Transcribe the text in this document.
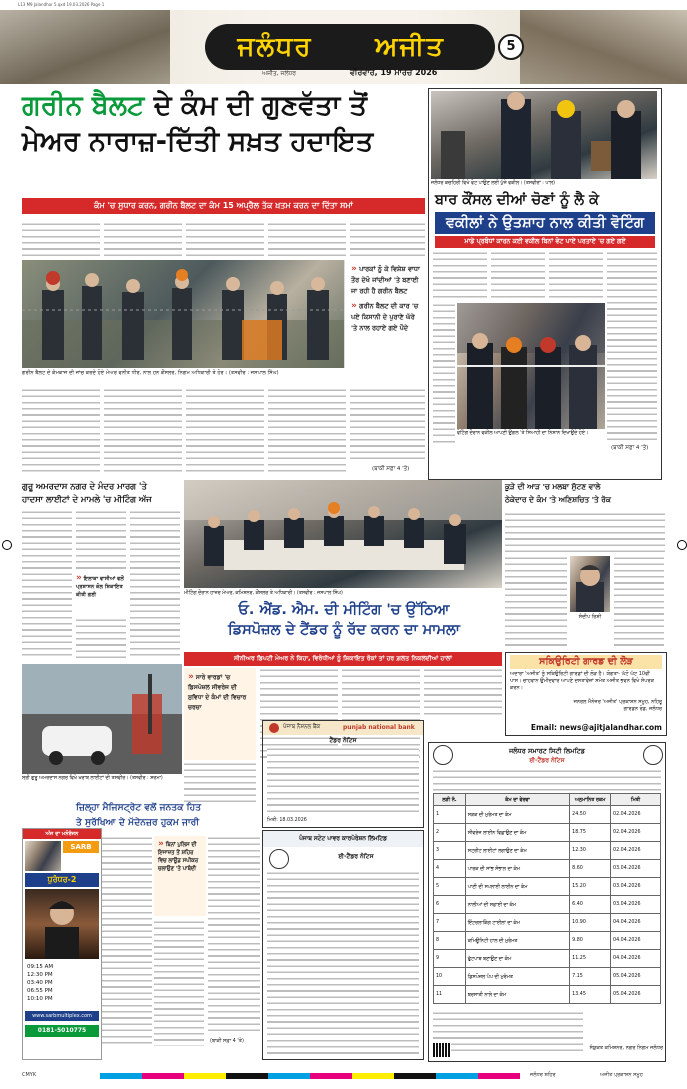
L13 M9 Jalandhar 5.qxd 19.03.2026 Page 1
ਜਲੰਧਰ	ਅਜੀਤ
ਅਜੀਤ, ਜਲੰਧਰ	ਵੀਰਵਾਰ, 19 ਮਾਰਚ 2026
5
ਗਰੀਨ ਬੈਲਟ ਦੇ ਕੰਮ ਦੀ ਗੁਣਵੱਤਾ ਤੋਂ
ਮੇਅਰ ਨਾਰਾਜ਼-ਦਿੱਤੀ ਸਖ਼ਤ ਹਦਾਇਤ
ਕੰਮ 'ਚ ਸੁਧਾਰ ਕਰਨ, ਗਰੀਨ ਬੈਲਟ ਦਾ ਕੰਮ 15 ਅਪ੍ਰੈਲ ਤੱਕ ਖ਼ਤਮ ਕਰਨ ਦਾ ਦਿੱਤਾ ਸਮਾਂ
» ਪਾਰਕਾਂ ਨੂੰ ਕੇ ਵਿਸ਼ੇਸ਼ ਵਾਧਾ ਤੌਰ ਦੇਖੋ ਜਾਂਦੀਆਂ 'ਤੇ ਬਣਾਈ ਜਾ ਰਹੀ ਹੈ ਗਰੀਨ ਬੈਲਟ
» ਗਰੀਨ ਬੈਲਟ ਦੀ ਕਾਰ 'ਚ ਪਏ ਕਿਸਾਨੀ ਦੇ ਪੁਰਾਣੇ ਘੱਰੇ 'ਤੇ ਨਾਲ ਰਹਾਏ ਗਏ ਪੌਦੇ
ਗਰੀਨ ਬੈਲਟ ਦੇ ਕੰਮਕਾਜ ਦੀ ਜਾਂਚ ਕਰਦੇ ਹੋਏ ਮੇਅਰ ਵਨੀਤ ਧੀਰ, ਨਾਲ ਹਨ ਕੌਂਸਲਰ, ਨਿਗਮ ਅਧਿਕਾਰੀ ਤੇ ਹੋਰ। (ਤਸਵੀਰ : ਜਸਪਾਲ ਸਿੰਘ)
(ਬਾਕੀ ਸਫ਼ਾ 4 'ਤੇ)
ਜਲੰਧਰ ਕਚਹਿਰੀ ਵਿਖੇ ਵੋਟ ਪਾਉਣ ਲਈ ਪੁੱਜੇ ਵਕੀਲ। (ਤਸਵੀਰਾਂ : ਪਾਲ)
ਬਾਰ ਕੌਂਸਲ ਦੀਆਂ ਚੋਣਾਂ ਨੂੰ ਲੈ ਕੇ
ਵਕੀਲਾਂ ਨੇ ਉਤਸ਼ਾਹ ਨਾਲ ਕੀਤੀ ਵੋਟਿੰਗ
ਮਾਡੇ ਪ੍ਰਬੰਧਾਂ ਕਾਰਨ ਕਈ ਵਕੀਲ ਬਿਨਾਂ ਵੋਟ ਪਾਏ ਪਰਤਾਏ 'ਚ ਗਏ ਗਏ
ਵੋਟਿੰਗ ਦੌਰਾਨ ਵਕੀਲ ਆਪਣੀ ਉਂਗਲ 'ਤੇ ਸਿਆਹੀ ਦਾ ਨਿਸ਼ਾਨ ਦਿਖਾਉਂਦੇ ਹੋਏ।
(ਬਾਕੀ ਸਫ਼ਾ 4 'ਤੇ)
ਗੁਰੂ ਅਮਰਦਾਸ ਨਗਰ ਦੇ ਮੰਦਰ ਮਾਰਗ 'ਤੇ
ਹਾਦਸਾ ਲਾਈਟਾਂ ਦੇ ਮਾਮਲੇ 'ਚ ਮੀਟਿੰਗ ਅੱਜ
» ਇਲਾਕਾ ਵਾਸੀਆਂ ਵਲੋਂ ਪ੍ਰਸ਼ਾਸਨ ਕੋਲ ਸ਼ਿਕਾਇਤ ਕੀਤੀ ਗਈ	ਮੀਟਿੰਗ ਦੌਰਾਨ ਹਾਜ਼ਰ ਮੇਅਰ, ਕਮਿਸ਼ਨਰ, ਕੌਂਸਲਰ ਤੇ ਅਧਿਕਾਰੀ। (ਤਸਵੀਰ : ਜਸਪਾਲ ਸਿੰਘ)
ਓ. ਐਂਡ. ਐਮ. ਦੀ ਮੀਟਿੰਗ 'ਚ ਉੱਠਿਆ
ਡਿਸਪੋਜ਼ਲ ਦੇ ਟੈਂਡਰ ਨੂੰ ਰੱਦ ਕਰਨ ਦਾ ਮਾਮਲਾ
ਕੂੜੇ ਦੀ ਆੜ 'ਚ ਮਲਬਾ ਸੁੱਟਣ ਵਾਲੇ
ਠੇਕੇਦਾਰ ਦੇ ਕੰਮ 'ਤੇ ਅਣਿਸ਼ਚਿਤ 'ਤੇ ਰੋਕ
ਸੰਦੀਪ ਰਿਸ਼ੀ
ਸੀਨੀਅਰ ਡਿਪਟੀ ਮੇਅਰ ਨੇ ਕਿਹਾ, ਵਿਰੋਧੀਆਂ ਨੂੰ ਸ਼ਿਕਾਇਤ ਰੋਕਾਂ ਤਾਂ ਹਰ ਗ਼ਲਤ ਨਿਕਲਦੀਆਂ ਹਾਲਾਂ
» ਸਾਰੇ ਵਾਰਡਾਂ 'ਚ ਡਿਸਪੋਜ਼ਲ ਸੀਵਰੇਜ ਦੀ ਸੁਵਿਧਾ ਦੇ ਕੰਮਾਂ ਦੀ ਵਿਚਾਰ ਚਰਚਾ
ਸ੍ਰੀ ਗੁਰੂ ਅਮਰਦਾਸ ਨਗਰ ਵਿਖੇ ਖ਼ਰਾਬ ਲਾਈਟਾਂ ਦੀ ਤਸਵੀਰ। (ਤਸਵੀਰ : ਸ਼ਰਮਾ)
ਸਕਿਉਰਿਟੀ ਗਾਰਡ ਦੀ ਲੋੜ
ਅਦਾਰਾ 'ਅਜੀਤ' ਨੂੰ ਸਕਿਉਰਿਟੀ ਗਾਰਡਾਂ ਦੀ ਲੋੜ ਹੈ। ਯੋਗਤਾ- ਘੱਟੋ ਘੱਟ 10ਵੀਂ ਪਾਸ। ਚਾਹਵਾਨ ਉਮੀਦਵਾਰ ਆਪਣੇ ਦਸਤਾਵੇਜ਼ਾਂ ਸਮੇਤ ਅਜੀਤ ਭਵਨ ਵਿਖੇ ਸੰਪਰਕ ਕਰਨ।
ਜਨਰਲ ਮੈਨੇਜਰ 'ਅਜੀਤ' ਪ੍ਰਕਾਸ਼ਨ ਸਮੂਹ, ਨਹਿਰੂ ਗਾਰਡਨ ਰੋਡ, ਜਲੰਧਰ
Email: news@ajitjalandhar.com
ਪੰਜਾਬ ਨੈਸ਼ਨਲ ਬੈਂਕ	punjab national bank
ਟੈਂਡਰ ਨੋਟਿਸ
ਮਿਤੀ: 18.03.2026
ਪੰਜਾਬ ਸਟੇਟ ਪਾਵਰ ਕਾਰਪੋਰੇਸ਼ਨ ਲਿਮਟਿਡ
ਈ-ਟੈਂਡਰ ਨੋਟਿਸ
ਜ਼ਿਲ੍ਹਾ ਮੈਜਿਸਟ੍ਰੇਟ ਵਲੋਂ ਜਨਤਕ ਹਿਤ
ਤੇ ਸੁਰੱਖਿਆ ਦੇ ਮੱਦੇਨਜ਼ਰ ਹੁਕਮ ਜਾਰੀ
» ਬਿਨਾਂ ਪੁਲਿਸ ਦੀ ਇਜਾਜ਼ਤ ਤੋਂ ਸ਼ਹਿਰ ਵਿਚ ਲਾਊਡ ਸਪੀਕਰ ਚਲਾਉਣ 'ਤੇ ਪਾਬੰਦੀ
(ਬਾਕੀ ਸਫ਼ਾ 4 'ਤੇ)
ਅੱਜ ਦਾ ਮਨੋਰੰਜਨ
SARB
ਧੁਰੰਧਰ-2
09:15 AM
12:30 PM
03:40 PM
06:55 PM
10:10 PM
www.sarbmultiplex.com
0181-5010775
ਜਲੰਧਰ ਸਮਾਰਟ ਸਿਟੀ ਲਿਮਟਿਡ
ਈ-ਟੈਂਡਰ ਨੋਟਿਸ
ਲੜੀ ਨੰ.	ਕੰਮ ਦਾ ਵੇਰਵਾ	ਅਨੁਮਾਨਿਤ ਰਕਮ	ਮਿਤੀ
1	ਸੜਕ ਦੀ ਮੁਰੰਮਤ ਦਾ ਕੰਮ	24.50	02.04.2026
2	ਸੀਵਰੇਜ ਲਾਈਨ ਵਿਛਾਉਣ ਦਾ ਕੰਮ	18.75	02.04.2026
3	ਸਟ੍ਰੀਟ ਲਾਈਟਾਂ ਲਗਾਉਣ ਦਾ ਕੰਮ	12.30	02.04.2026
4	ਪਾਰਕ ਦੀ ਸਾਂਭ ਸੰਭਾਲ ਦਾ ਕੰਮ	8.60	03.04.2026
5	ਪਾਣੀ ਦੀ ਸਪਲਾਈ ਲਾਈਨ ਦਾ ਕੰਮ	15.20	03.04.2026
6	ਨਾਲੀਆਂ ਦੀ ਸਫ਼ਾਈ ਦਾ ਕੰਮ	6.40	03.04.2026
7	ਇੰਟਰਲਾਕਿੰਗ ਟਾਈਲਾਂ ਦਾ ਕੰਮ	10.90	04.04.2026
8	ਕਮਿਊਨਿਟੀ ਹਾਲ ਦੀ ਮੁਰੰਮਤ	9.80	04.04.2026
9	ਫੁੱਟਪਾਥ ਬਣਾਉਣ ਦਾ ਕੰਮ	11.25	04.04.2026
10	ਡਿਸਪੋਜ਼ਲ ਪੰਪ ਦੀ ਮੁਰੰਮਤ	7.15	05.04.2026
11	ਬਰਸਾਤੀ ਨਾਲੇ ਦਾ ਕੰਮ	13.45	05.04.2026
ਸੰਯੁਕਤ ਕਮਿਸ਼ਨਰ, ਨਗਰ ਨਿਗਮ ਜਲੰਧਰ
CMYK	ਜਲੰਧਰ ਸ਼ਹਿਰ	ਅਜੀਤ ਪ੍ਰਕਾਸ਼ਨ ਸਮੂਹ
